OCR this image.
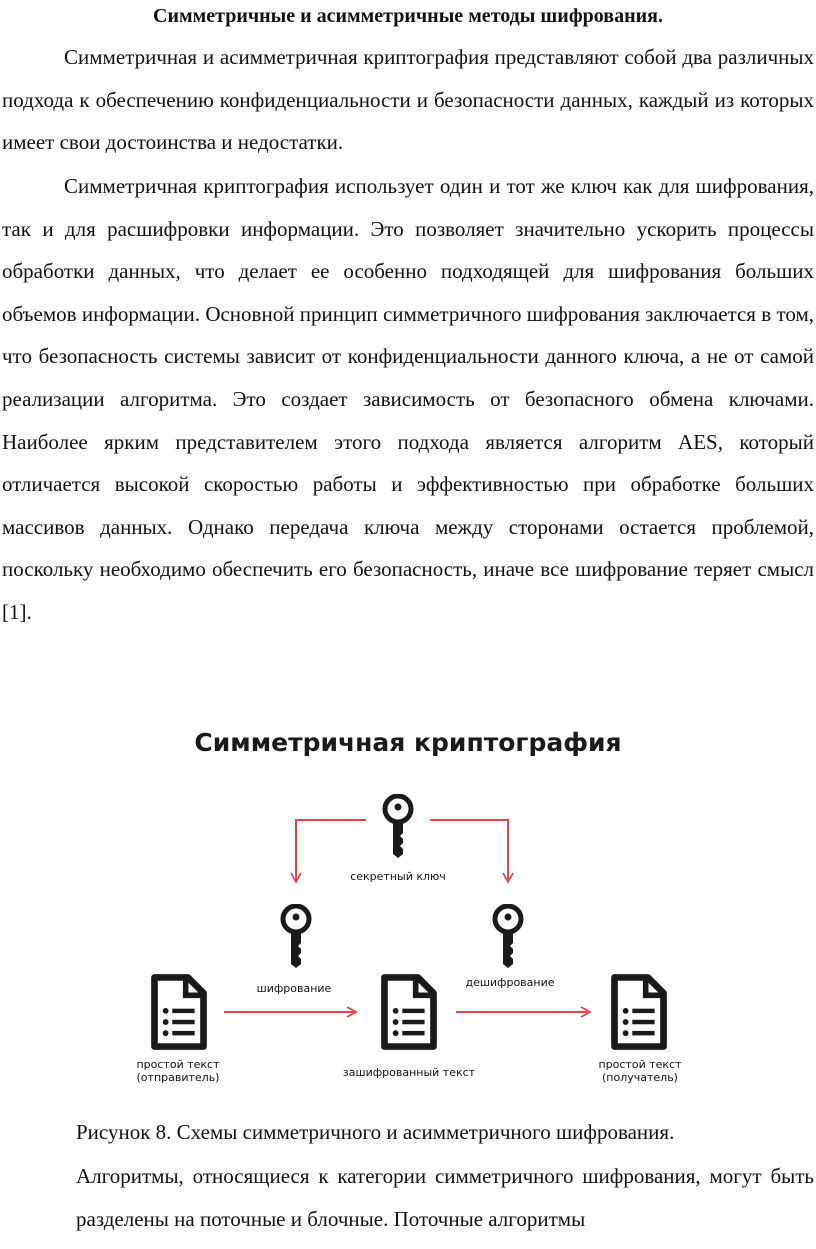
Симметричные и асимметричные методы шифрования.

Симметричная и асимметричная криптография представляют собой два различных подхода к обеспечению конфиденциальности и безопасности данных, каждый из которых имеет свои достоинства и недостатки.

Симметричная криптография использует один и тот же ключ как для шифрования, так и для расшифровки информации. Это позволяет значительно ускорить процессы обработки данных, что делает ее особенно подходящей для шифрования больших объемов информации. Основной принцип симметричного шифрования заключается в том, что безопасность системы зависит от конфиденциальности данного ключа, а не от самой реализации алгоритма. Это создает зависимость от безопасного обмена ключами. Наиболее ярким представителем этого подхода является алгоритм AES, который отличается высокой скоростью работы и эффективностью при обработке больших массивов данных. Однако передача ключа между сторонами остается проблемой, поскольку необходимо обеспечить его безопасность, иначе все шифрование теряет смысл [1].

Симметричная криптография
секретный ключ
шифрование	дешифрование
простой текст
(отправитель)	зашифрованный текст
простой текст
(получатель)

Рисунок 8. Схемы симметричного и асимметричного шифрования.

Алгоритмы, относящиеся к категории симметричного шифрования, могут быть разделены на поточные и блочные. Поточные алгоритмы
